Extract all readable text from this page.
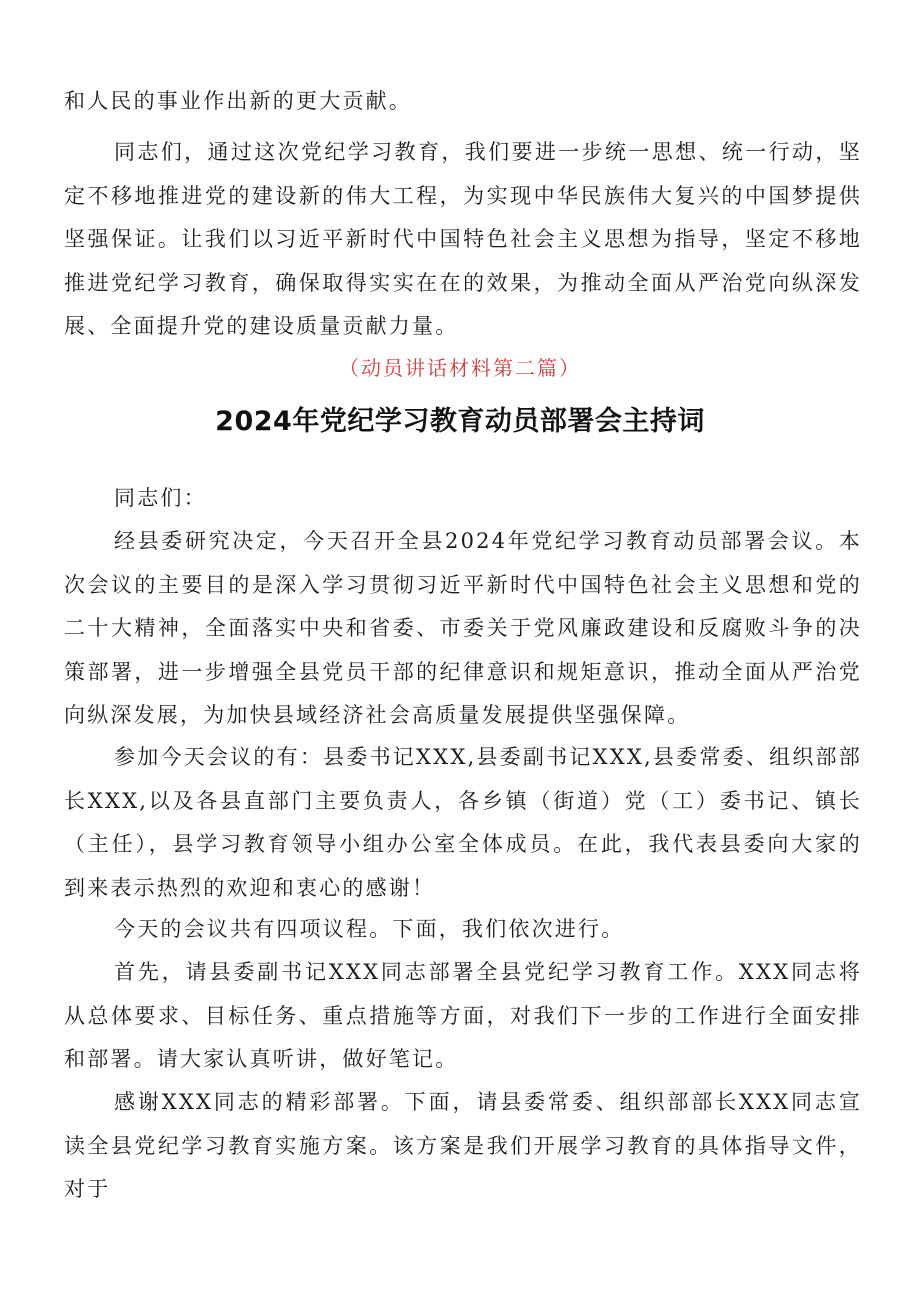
和人民的事业作出新的更大贡献。

同志们，通过这次党纪学习教育，我们要进一步统一思想、统一行动，坚定不移地推进党的建设新的伟大工程，为实现中华民族伟大复兴的中国梦提供坚强保证。让我们以习近平新时代中国特色社会主义思想为指导，坚定不移地推进党纪学习教育，确保取得实实在在的效果，为推动全面从严治党向纵深发展、全面提升党的建设质量贡献力量。

（动员讲话材料第二篇）

2024年党纪学习教育动员部署会主持词

同志们：

经县委研究决定，今天召开全县2024年党纪学习教育动员部署会议。本次会议的主要目的是深入学习贯彻习近平新时代中国特色社会主义思想和党的二十大精神，全面落实中央和省委、市委关于党风廉政建设和反腐败斗争的决策部署，进一步增强全县党员干部的纪律意识和规矩意识，推动全面从严治党向纵深发展，为加快县域经济社会高质量发展提供坚强保障。

参加今天会议的有：县委书记XXX,县委副书记XXX,县委常委、组织部部长XXX,以及各县直部门主要负责人，各乡镇（街道）党（工）委书记、镇长（主任），县学习教育领导小组办公室全体成员。在此，我代表县委向大家的到来表示热烈的欢迎和衷心的感谢！

今天的会议共有四项议程。下面，我们依次进行。

首先，请县委副书记XXX同志部署全县党纪学习教育工作。XXX同志将从总体要求、目标任务、重点措施等方面，对我们下一步的工作进行全面安排和部署。请大家认真听讲，做好笔记。

感谢XXX同志的精彩部署。下面，请县委常委、组织部部长XXX同志宣读全县党纪学习教育实施方案。该方案是我们开展学习教育的具体指导文件，对于
